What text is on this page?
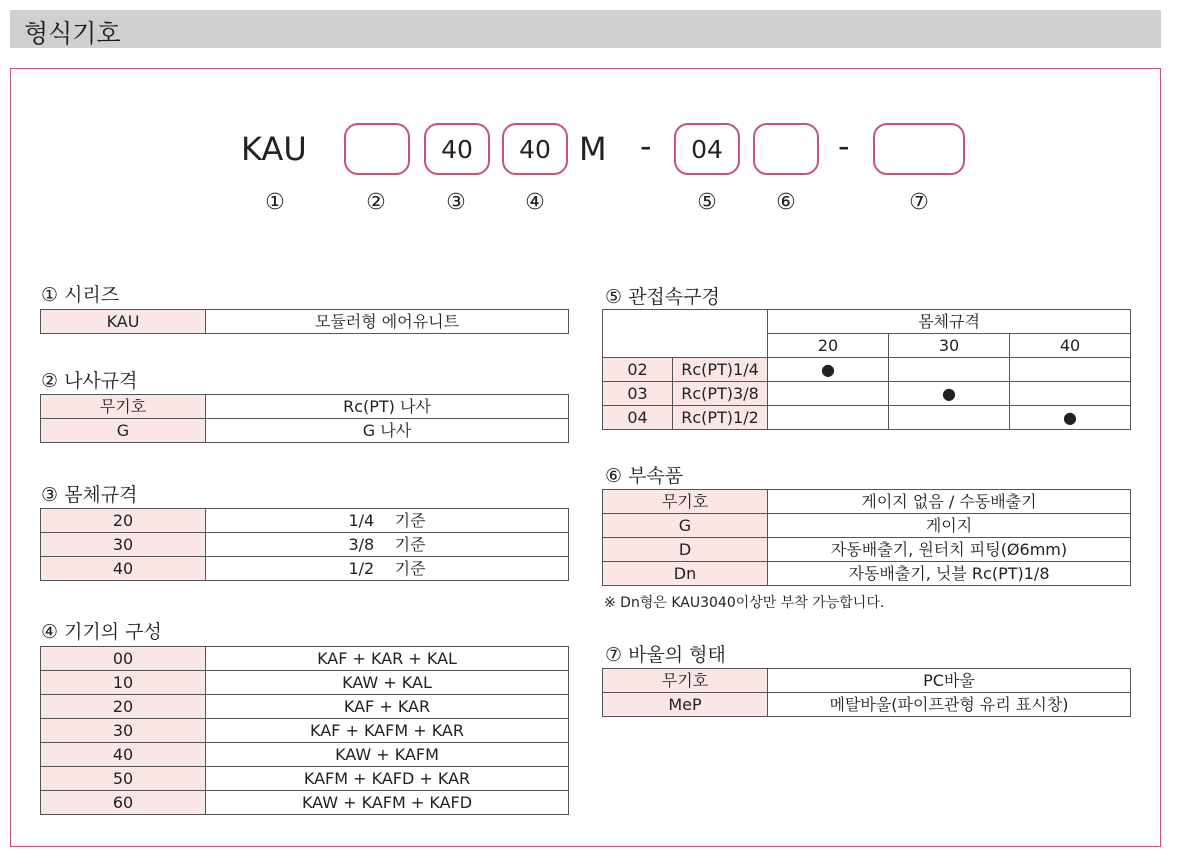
형식기호
KAU	40	40 M -	04	-
①	②	③	④	⑤	⑥	⑦
① 시리즈
KAU	모듈러형 에어유니트
② 나사규격
무기호	Rc(PT) 나사
G	G 나사
③ 몸체규격
20	1/4    기준
30	3/8    기준
40	1/2    기준
④ 기기의 구성
00	KAF + KAR + KAL
10	KAW + KAL
20	KAF + KAR
30	KAF + KAFM + KAR
40	KAW + KAFM
50	KAFM + KAFD + KAR
60	KAW + KAFM + KAFD
⑤ 관접속구경
		몸체규격		
		20	30	40
02	Rc(PT)1/4	●		
03	Rc(PT)3/8		●	
04	Rc(PT)1/2			●
⑥ 부속품
무기호	게이지 없음 / 수동배출기
G	게이지
D	자동배출기, 원터치 피팅(Ø6mm)
Dn	자동배출기, 닛블 Rc(PT)1/8
※ Dn형은 KAU3040이상만 부착 가능합니다.
⑦ 바울의 형태
무기호	PC바울
MeP	메탈바울(파이프관형 유리 표시창)
